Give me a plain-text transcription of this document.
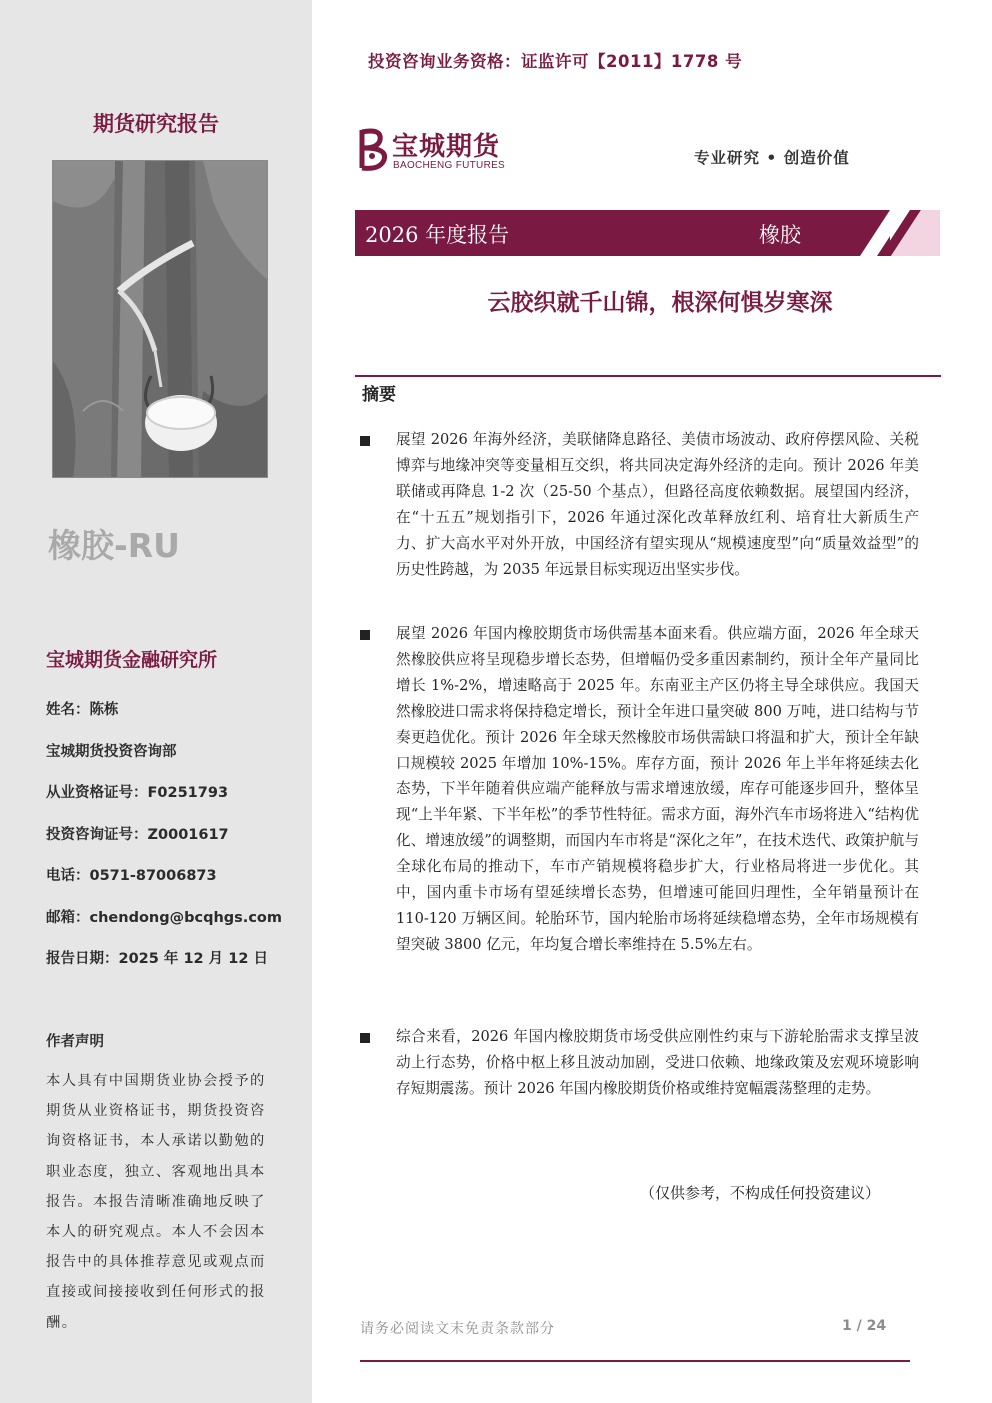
期货研究报告
橡胶-RU
宝城期货金融研究所
姓名：陈栋
宝城期货投资咨询部
从业资格证号：F0251793
投资咨询证号：Z0001617
电话：0571-87006873
邮箱：chendong@bcqhgs.com
报告日期：2025 年 12 月 12 日
作者声明
本人具有中国期货业协会授予的期货从业资格证书，期货投资咨询资格证书，本人承诺以勤勉的职业态度，独立、客观地出具本报告。本报告清晰准确地反映了本人的研究观点。本人不会因本报告中的具体推荐意见或观点而直接或间接接收到任何形式的报酬。
投资咨询业务资格：证监许可【2011】1778 号
宝城期货
BAOCHENG FUTURES	专业研究 • 创造价值
2026 年度报告	橡胶
云胶织就千山锦，根深何惧岁寒深
摘要
展望 2026 年海外经济，美联储降息路径、美债市场波动、政府停摆风险、关税博弈与地缘冲突等变量相互交织，将共同决定海外经济的走向。预计 2026 年美联储或再降息 1-2 次（25-50 个基点），但路径高度依赖数据。展望国内经济，在“十五五”规划指引下，2026 年通过深化改革释放红利、培育壮大新质生产力、扩大高水平对外开放，中国经济有望实现从“规模速度型”向“质量效益型”的历史性跨越，为 2035 年远景目标实现迈出坚实步伐。
展望 2026 年国内橡胶期货市场供需基本面来看。供应端方面，2026 年全球天然橡胶供应将呈现稳步增长态势，但增幅仍受多重因素制约，预计全年产量同比增长 1%-2%，增速略高于 2025 年。东南亚主产区仍将主导全球供应。我国天然橡胶进口需求将保持稳定增长，预计全年进口量突破 800 万吨，进口结构与节奏更趋优化。预计 2026 年全球天然橡胶市场供需缺口将温和扩大，预计全年缺口规模较 2025 年增加 10%-15%。库存方面，预计 2026 年上半年将延续去化态势，下半年随着供应端产能释放与需求增速放缓，库存可能逐步回升，整体呈现“上半年紧、下半年松”的季节性特征。需求方面，海外汽车市场将进入“结构优化、增速放缓”的调整期，而国内车市将是“深化之年”，在技术迭代、政策护航与全球化布局的推动下，车市产销规模将稳步扩大，行业格局将进一步优化。其中，国内重卡市场有望延续增长态势，但增速可能回归理性，全年销量预计在 110-120 万辆区间。轮胎环节，国内轮胎市场将延续稳增态势，全年市场规模有望突破 3800 亿元，年均复合增长率维持在 5.5%左右。
综合来看，2026 年国内橡胶期货市场受供应刚性约束与下游轮胎需求支撑呈波动上行态势，价格中枢上移且波动加剧，受进口依赖、地缘政策及宏观环境影响存短期震荡。预计 2026 年国内橡胶期货价格或维持宽幅震荡整理的走势。
（仅供参考，不构成任何投资建议）
请务必阅读文末免责条款部分	1 / 24
